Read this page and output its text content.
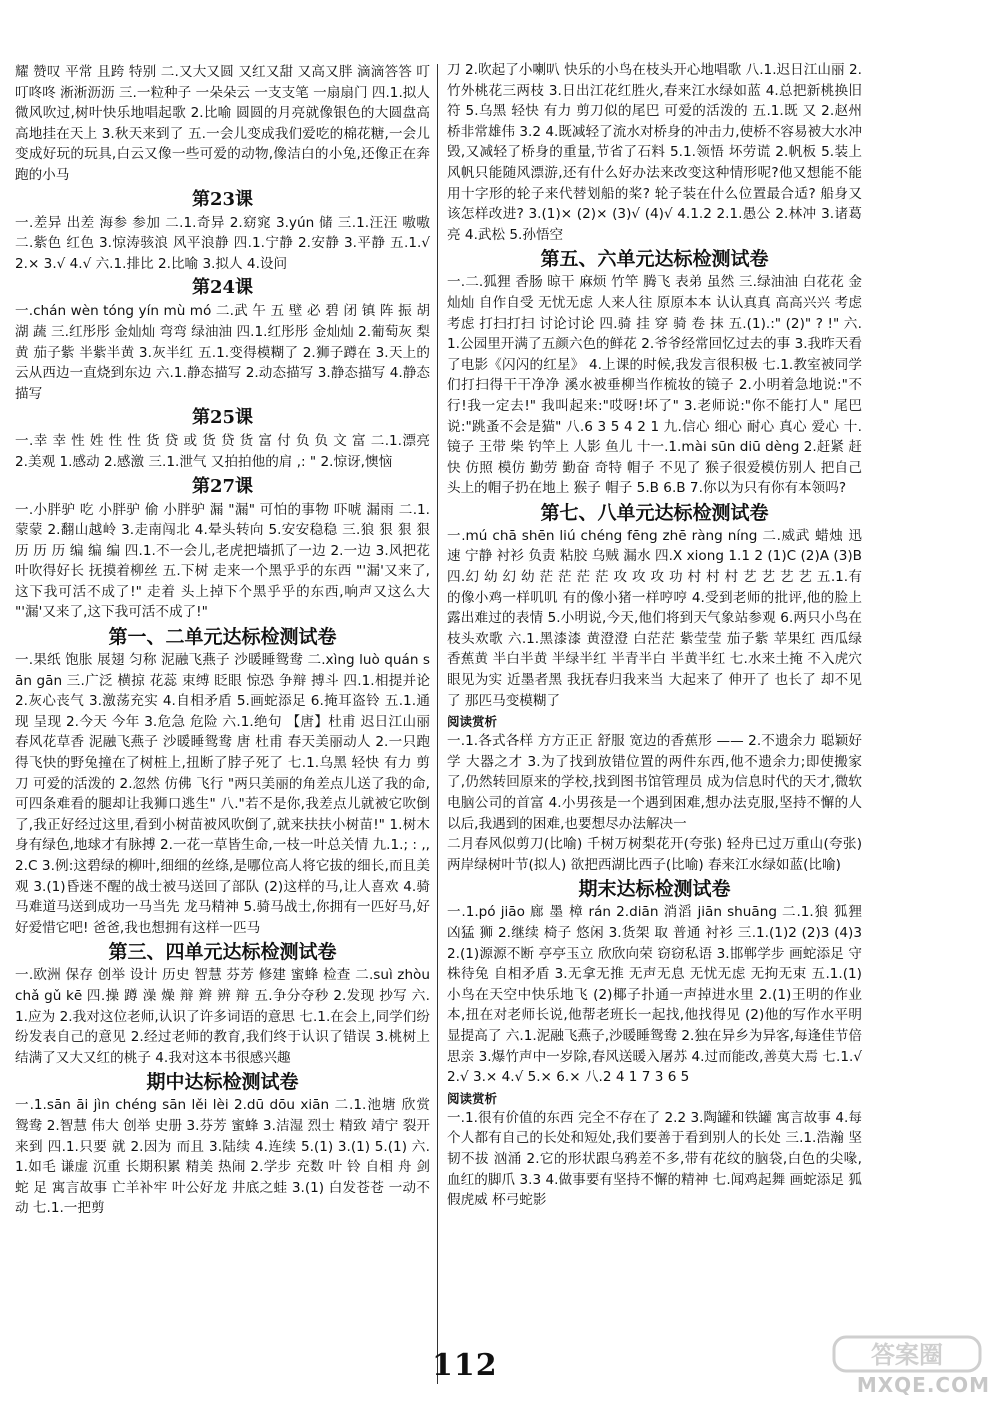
耀 赞叹 平常 且跨 特别 二.又大又圆 又红又甜 又高又胖 滴滴答答 叮叮咚咚 淅淅沥沥 三.一粒种子 一朵朵云 一支支笔 一扇扇门 四.1.拟人 微风吹过,树叶快乐地唱起歌 2.比喻 圆圆的月亮就像银色的大圆盘高高地挂在天上 3.秋天来到了 五.一会儿变成我们爱吃的棉花糖,一会儿变成好玩的玩具,白云又像一些可爱的动物,像洁白的小兔,还像正在奔跑的小马

第23课

一.差异 出差 海参 参加 二.1.奇异 2.窈窕 3.yún 储 三.1.汪汪 嗷嗷 二.紫色 红色 3.惊涛骇浪 风平浪静 四.1.宁静 2.安静 3.平静 五.1.√ 2.× 3.√ 4.√ 六.1.排比 2.比喻 3.拟人 4.设问

第24课

一.chán wèn tóng yín mù mó 二.武 午 五 壁 必 碧 闭 镇 阵 振 胡 湖 蔬 三.红彤彤 金灿灿 弯弯 绿油油 四.1.红彤彤 金灿灿 2.葡萄灰 梨黄 茄子紫 半紫半黄 3.灰半红 五.1.变得模糊了 2.狮子蹲在 3.天上的云从西边一直烧到东边 六.1.静态描写 2.动态描写 3.静态描写 4.静态描写

第25课

一.幸 幸 性 姓 性 性 货 贷 或 货 贷 货 富 付 负 负 文 富 二.1.漂亮 2.美观 1.感动 2.感激 三.1.泄气 又拍拍他的肩 ,: " 2.惊讶,懊恼

第27课

一.小胖驴 吃 小胖驴 偷 小胖驴 漏 "漏" 可怕的事物 吓唬 漏雨 二.1.蒙蒙 2.翻山越岭 3.走南闯北 4.晕头转向 5.安安稳稳 三.狼 狠 狠 狠 历 历 历 编 编 编 四.1.不一会儿,老虎把墙抓了一边 2.一边 3.风把花叶吹得好长 抚摸着柳丝 五.下树 走来一个黑乎乎的东西 "'漏'又来了,这下我可活不成了!" 走着 头上掉下个黑乎乎的东西,响声又这么大 "'漏'又来了,这下我可活不成了!"

第一、二单元达标检测试卷

一.果纸 饱胀 展翅 匀称 泥融飞燕子 沙暖睡鸳鸯 二.xìng luò quán sān gān 三.广泛 横掠 花蕊 束缚 眨眼 惊恐 争辩 搏斗 四.1.相提并论 2.灰心丧气 3.激荡充实 4.自相矛盾 5.画蛇添足 6.掩耳盗铃 五.1.通现 呈现 2.今天 今年 3.危急 危险 六.1.绝句 【唐】杜甫 迟日江山丽 春风花草香 泥融飞燕子 沙暖睡鸳鸯 唐 杜甫 春天美丽动人 2.一只跑得飞快的野兔撞在了树桩上,扭断了脖子死了 七.1.乌黑 轻快 有力 剪刀 可爱的活泼的 2.忽然 仿佛 飞行 "两只美丽的角差点儿送了我的命,可四条难看的腿却让我狮口逃生" 八."若不是你,我差点儿就被它吹倒了,我正好经过这里,看到小树苗被风吹倒了,就来扶扶小树苗!" 1.树木身有绿色,地球才有脉搏 2.一花一草皆生命,一枝一叶总关情 九.1.; : ,, 2.C 3.例:这碧绿的柳叶,细细的丝绦,是哪位高人将它拔的细长,而且美观 3.(1)昏迷不醒的战士被马送回了部队 (2)这样的马,让人喜欢 4.骑马难道马送到成功一马当先 龙马精神 5.骑马战士,你拥有一匹好马,好好爱惜它吧! 爸爸,我也想拥有这样一匹马

第三、四单元达标检测试卷

一.欧洲 保存 创举 设计 历史 智慧 芬芳 修建 蜜蜂 检查 二.suì zhòu chǎ gǔ kē 四.操 蹲 澡 燥 辩 辫 辨 辩 五.争分夺秒 2.发现 抄写 六.1.应为 2.我对这位老师,认识了许多词语的意思 七.1.在会上,同学们纷纷发表自己的意见 2.经过老师的教育,我们终于认识了错误 3.桃树上结满了又大又红的桃子 4.我对这本书很感兴趣

期中达标检测试卷

一.1.sān āi jìn chéng sān lěi lèi 2.dū dōu xiān 二.1.池塘 欣赏 鸳鸯 2.智慧 伟大 创举 史册 3.芬芳 蜜蜂 3.洁湿 烈士 精致 靖宁 裂开 来到 四.1.只要 就 2.因为 而且 3.陆续 4.连续 5.(1) 3.(1) 5.(1) 六.1.如毛 谦虚 沉重 长期积累 精美 热闹 2.学步 充数 叶 铃 自相 舟 剑 蛇 足 寓言故事 亡羊补牢 叶公好龙 井底之蛙 3.(1) 白发苍苍 一动不动 七.1.一把剪

刀 2.吹起了小喇叭 快乐的小鸟在枝头开心地唱歌 八.1.迟日江山丽 2.竹外桃花三两枝 3.日出江花红胜火,春来江水绿如蓝 4.总把新桃换旧符 5.乌黑 轻快 有力 剪刀似的尾巴 可爱的活泼的 五.1.既 又 2.赵州桥非常雄伟 3.2 4.既减轻了流水对桥身的冲击力,使桥不容易被大水冲毁,又减轻了桥身的重量,节省了石料 5.1.领悟 坏劳谎 2.帆板 5.装上风帆只能随风漂游,还有什么好办法来改变这种情形呢?他又想能不能用十字形的轮子来代替划船的桨? 轮子装在什么位置最合适? 船身又该怎样改进? 3.(1)× (2)× (3)√ (4)√ 4.1.2 2.1.愚公 2.林冲 3.诸葛亮 4.武松 5.孙悟空

第五、六单元达标检测试卷

一.二.狐狸 香肠 晾干 麻烦 竹竿 腾飞 表弟 虽然 三.绿油油 白花花 金灿灿 自作自受 无忧无虑 人来人往 原原本本 认认真真 高高兴兴 考虑考虑 打扫打扫 讨论讨论 四.骑 挂 穿 骑 卷 抹 五.(1).:" (2)" ? !" 六.1.公园里开满了五颜六色的鲜花 2.爷爷经常回忆过去的事 3.我昨天看了电影《闪闪的红星》 4.上课的时候,我发言很积极 七.1.教室被同学们打扫得干干净净 溪水被垂柳当作梳妆的镜子 2.小明着急地说:"不行!我一定去!" 我叫起来:"哎呀!坏了" 3.老师说:"你不能打人" 尾巴说:"跳蚤不会是猫" 八.6 3 5 4 2 1 九.信心 细心 耐心 真心 爱心 十.镜子 王带 柴 钓竿上 人影 鱼儿 十一.1.mài sūn diū dèng 2.赶紧 赶快 仿照 模仿 勤劳 勤奋 奇特 帽子 不见了 猴子很爱模仿别人 把自己头上的帽子扔在地上 猴子 帽子 5.B 6.B 7.你以为只有你有本领吗?

第七、八单元达标检测试卷

一.mú chā shēn liú chéng fēng zhē ràng níng 二.威武 蜡烛 迅速 宁静 衬衫 负责 粘胶 乌贼 漏水 四.X xiong 1.1 2 (1)C (2)A (3)B 四.幻 幼 幻 幼 茫 茫 茫 茫 攻 攻 攻 功 村 村 村 艺 艺 艺 艺 五.1.有的像小鸡一样叽叽 有的像小猪一样哼哼 4.受到老师的批评,他的脸上露出难过的表情 5.小明说,今天,他们将到天气象站参观 6.两只小鸟在枝头欢歌 六.1.黑漆漆 黄澄澄 白茫茫 紫莹莹 茄子紫 苹果红 西瓜绿 香蕉黄 半白半黄 半绿半红 半青半白 半黄半红 七.水来土掩 不入虎穴 眼见为实 近墨者黑 我抚春归我来当 大起来了 伸开了 也长了 却不见了 那匹马变模糊了

阅读赏析

一.1.各式各样 方方正正 舒服 宽边的香蕉形 —— 2.不遗余力 聪颖好学 大器之才 3.为了找到放错位置的两件东西,他不遗余力;即使搬家了,仍然转回原来的学校,找到图书馆管理员 成为信息时代的天才,微软电脑公司的首富 4.小男孩是一个遇到困难,想办法克服,坚持不懈的人 以后,我遇到的困难,也要想尽办法解决一

二月春风似剪刀(比喻) 千树万树梨花开(夸张) 轻舟已过万重山(夸张) 两岸绿树叶节(拟人) 欲把西湖比西子(比喻) 春来江水绿如蓝(比喻)

期末达标检测试卷

一.1.pó jiāo 廊 墨 樟 rán 2.diān 消滔 jiān shuāng 二.1.狼 狐狸 凶猛 狮 2.继续 椅子 悠闲 3.货架 取 普通 衬衫 三.1.(1)2 (2)3 (4)3 2.(1)源源不断 亭亭玉立 欣欣向荣 窃窃私语 3.邯郸学步 画蛇添足 守株待兔 自相矛盾 3.无拿无推 无声无息 无忧无虑 无拘无束 五.1.(1)小鸟在天空中快乐地飞 (2)椰子扑通一声掉进水里 2.(1)王明的作业本,扭在对老师长说,他帮老班长一起找,他找得见 (2)他的写作水平明显提高了 六.1.泥融飞燕子,沙暖睡鸳鸯 2.独在异乡为异客,每逢佳节倍思亲 3.爆竹声中一岁除,春风送暖入屠苏 4.过而能改,善莫大焉 七.1.√ 2.√ 3.× 4.√ 5.× 6.× 八.2 4 1 7 3 6 5

阅读赏析

一.1.很有价值的东西 完全不存在了 2.2 3.陶罐和铁罐 寓言故事 4.每个人都有自己的长处和短处,我们要善于看到别人的长处 三.1.浩瀚 坚韧不拔 汹涌 2.它的形状跟乌鸦差不多,带有花纹的脑袋,白色的尖喙,血红的脚爪 3.3 4.做事要有坚持不懈的精神 七.闻鸡起舞 画蛇添足 狐假虎威 杯弓蛇影

112	答案圈
MXQE.COM
